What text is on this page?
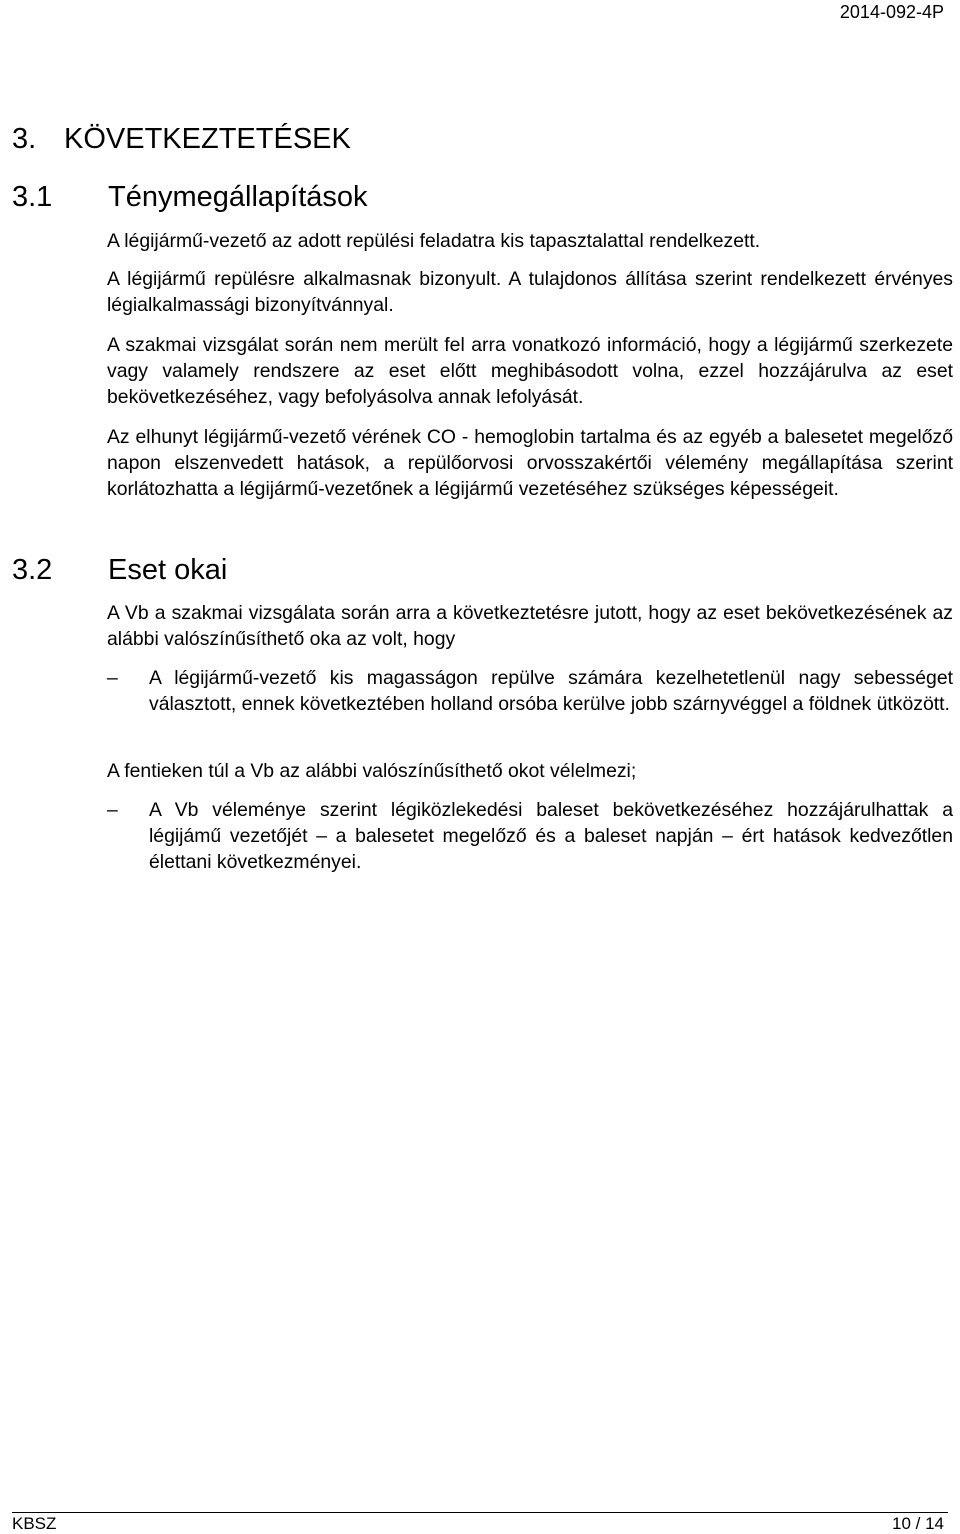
2014-092-4P
3. KÖVETKEZTETÉSEK
3.1 Ténymegállapítások

A légijármű-vezető az adott repülési feladatra kis tapasztalattal rendelkezett.

A légijármű repülésre alkalmasnak bizonyult. A tulajdonos állítása szerint rendelkezett érvényes légialkalmassági bizonyítvánnyal.

A szakmai vizsgálat során nem merült fel arra vonatkozó információ, hogy a légijármű szerkezete vagy valamely rendszere az eset előtt meghibásodott volna, ezzel hozzájárulva az eset bekövetkezéséhez, vagy befolyásolva annak lefolyását.

Az elhunyt légijármű-vezető vérének CO - hemoglobin tartalma és az egyéb a balesetet megelőző napon elszenvedett hatások, a repülőorvosi orvosszakértői vélemény megállapítása szerint korlátozhatta a légijármű-vezetőnek a légijármű vezetéséhez szükséges képességeit.

3.2 Eset okai

A Vb a szakmai vizsgálata során arra a következtetésre jutott, hogy az eset bekövetkezésének az alábbi valószínűsíthető oka az volt, hogy

– A légijármű-vezető kis magasságon repülve számára kezelhetetlenül nagy sebességet választott, ennek következtében holland orsóba kerülve jobb szárnyvéggel a földnek ütközött.

A fentieken túl a Vb az alábbi valószínűsíthető okot vélelmezi;

– A Vb véleménye szerint légiközlekedési baleset bekövetkezéséhez hozzájárulhattak a légijámű vezetőjét – a balesetet megelőző és a baleset napján – ért hatások kedvezőtlen élettani következményei.
KBSZ	10 / 14
